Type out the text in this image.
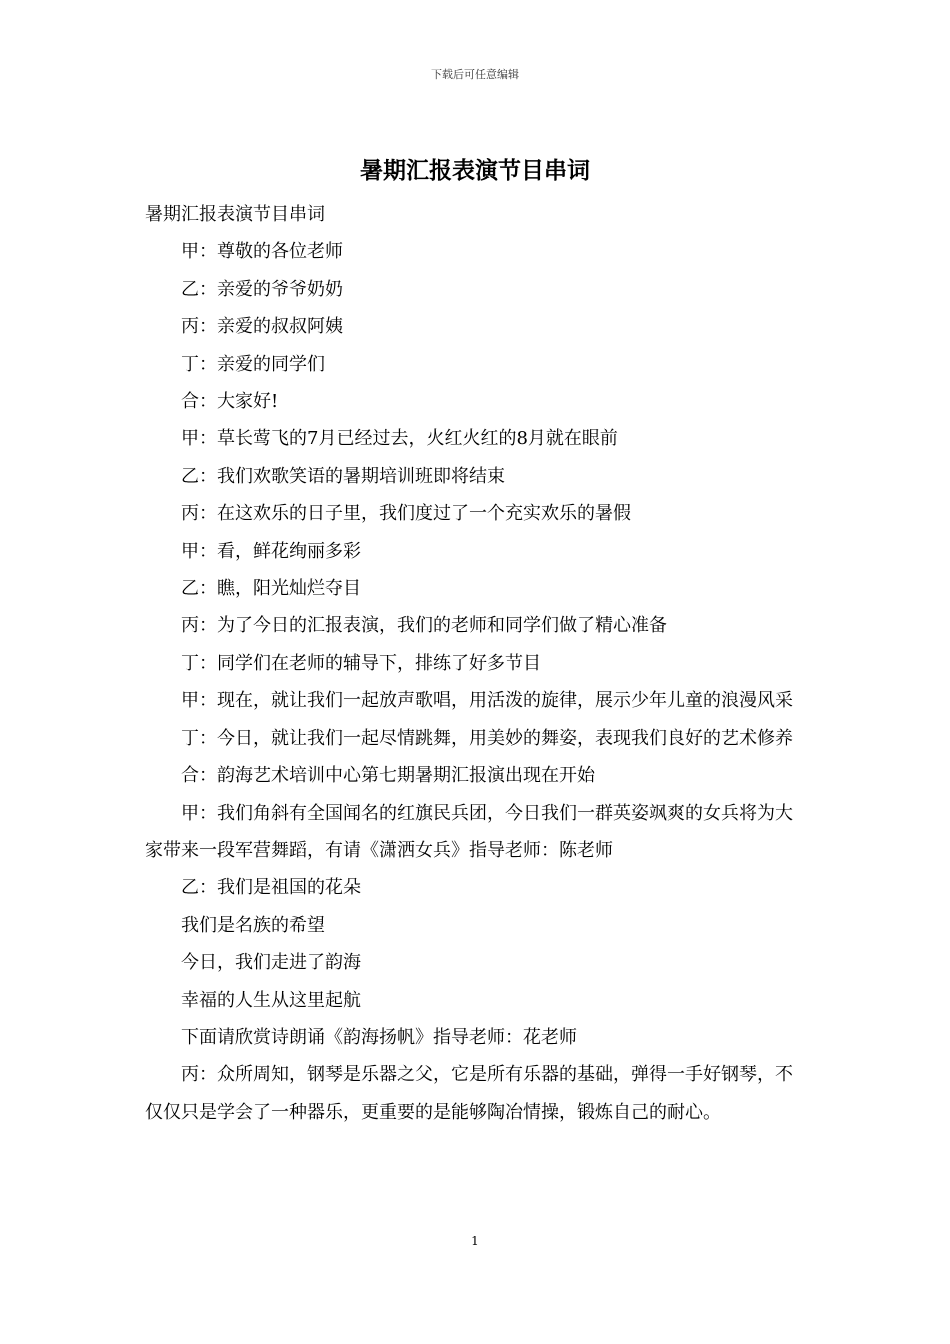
下载后可任意编辑
暑期汇报表演节目串词

暑期汇报表演节目串词

　　甲：尊敬的各位老师

　　乙：亲爱的爷爷奶奶

　　丙：亲爱的叔叔阿姨

　　丁：亲爱的同学们

　　合：大家好!

　　甲：草长莺飞的7月已经过去，火红火红的8月就在眼前

　　乙：我们欢歌笑语的暑期培训班即将结束

　　丙：在这欢乐的日子里，我们度过了一个充实欢乐的暑假

　　甲：看，鲜花绚丽多彩

　　乙：瞧，阳光灿烂夺目

　　丙：为了今日的汇报表演，我们的老师和同学们做了精心准备

　　丁：同学们在老师的辅导下，排练了好多节目

　　甲：现在，就让我们一起放声歌唱，用活泼的旋律，展示少年儿童的浪漫风采

　　丁：今日，就让我们一起尽情跳舞，用美妙的舞姿，表现我们良好的艺术修养

　　合：韵海艺术培训中心第七期暑期汇报演出现在开始

　　甲：我们角斜有全国闻名的红旗民兵团，今日我们一群英姿飒爽的女兵将为大家带来一段军营舞蹈，有请《潇洒女兵》指导老师：陈老师

　　乙：我们是祖国的花朵

　　我们是名族的希望

　　今日，我们走进了韵海

　　幸福的人生从这里起航

　　下面请欣赏诗朗诵《韵海扬帆》指导老师：花老师

　　丙：众所周知，钢琴是乐器之父，它是所有乐器的基础，弹得一手好钢琴，不仅仅只是学会了一种器乐，更重要的是能够陶冶情操，锻炼自己的耐心。

1
